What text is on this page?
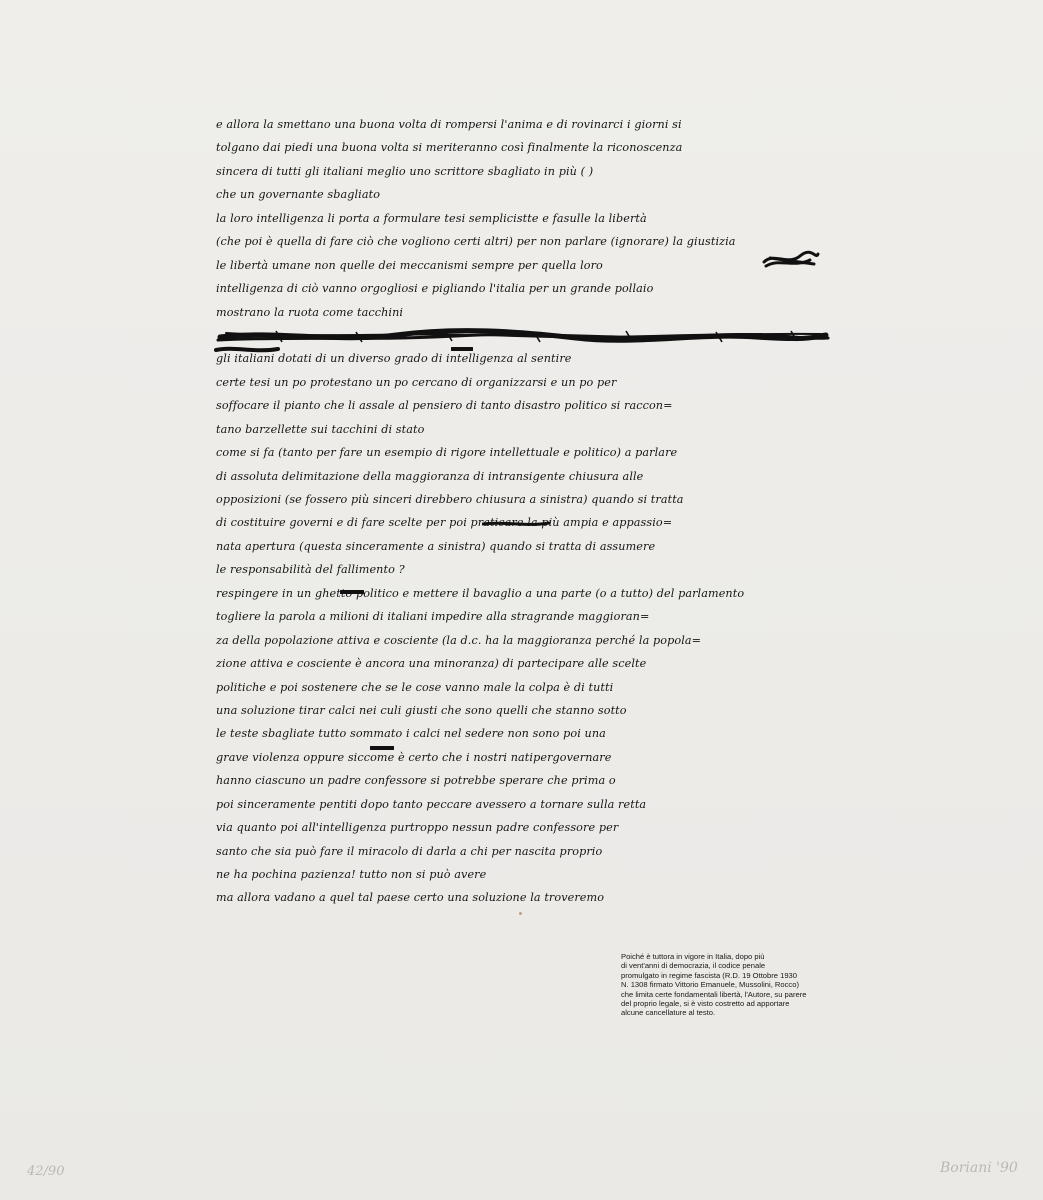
e allora la smettano una buona volta di rompersi l'anima e di rovinarci i giorni si
tolgano dai piedi una buona volta si meriteranno così finalmente la riconoscenza
sincera di tutti gli italiani meglio uno scrittore sbagliato in più ( )
che un governante sbagliato
la loro intelligenza li porta a formulare tesi semplicistte e fasulle la libertà
(che poi è quella di fare ciò che vogliono certi altri) per non parlare (ignorare) la giustizia
le libertà umane non quelle dei meccanismi sempre per quella loro
intelligenza di ciò vanno orgogliosi e pigliando l'italia per un grande pollaio
mostrano la ruota come tacchini
gli italiani dotati di un diverso grado di intelligenza al sentire
certe tesi un po protestano un po cercano di organizzarsi e un po per
soffocare il pianto che li assale al pensiero di tanto disastro politico si raccon=
tano barzellette sui tacchini di stato
come si fa (tanto per fare un esempio di rigore intellettuale e politico) a parlare
di assoluta delimitazione della maggioranza di intransigente chiusura alle
opposizioni (se fossero più sinceri direbbero chiusura a sinistra) quando si tratta
di costituire governi e di fare scelte per poi praticare la più ampia e appassio=
nata apertura (questa sinceramente a sinistra) quando si tratta di assumere
le responsabilità del fallimento ?
respingere in un ghetto politico e mettere il bavaglio a una parte (o a tutto) del parlamento
togliere la parola a milioni di italiani impedire alla stragrande maggioran=
za della popolazione attiva e cosciente (la d.c. ha la maggioranza perché la popola=
zione attiva e cosciente è ancora una minoranza) di partecipare alle scelte
politiche e poi sostenere che se le cose vanno male la colpa è di tutti
una soluzione tirar calci nei culi giusti che sono quelli che stanno sotto
le teste sbagliate tutto sommato i calci nel sedere non sono poi una
grave violenza oppure siccome è certo che i nostri natipergovernare
hanno ciascuno un padre confessore si potrebbe sperare che prima o
poi sinceramente pentiti dopo tanto peccare avessero a tornare sulla retta
via quanto poi all'intelligenza purtroppo nessun padre confessore per
santo che sia può fare il miracolo di darla a chi per nascita proprio
ne ha pochina pazienza! tutto non si può avere
ma allora vadano a quel tal paese certo una soluzione la troveremo

Poiché è tuttora in vigore in Italia, dopo più
di vent'anni di democrazia, il codice penale
promulgato in regime fascista (R.D. 19 Ottobre 1930
N. 1308 firmato Vittorio Emanuele, Mussolini, Rocco)
che limita certe fondamentali libertà, l'Autore, su parere
del proprio legale, si è visto costretto ad apportare
alcune cancellature al testo.

42/90	Boriani '90
